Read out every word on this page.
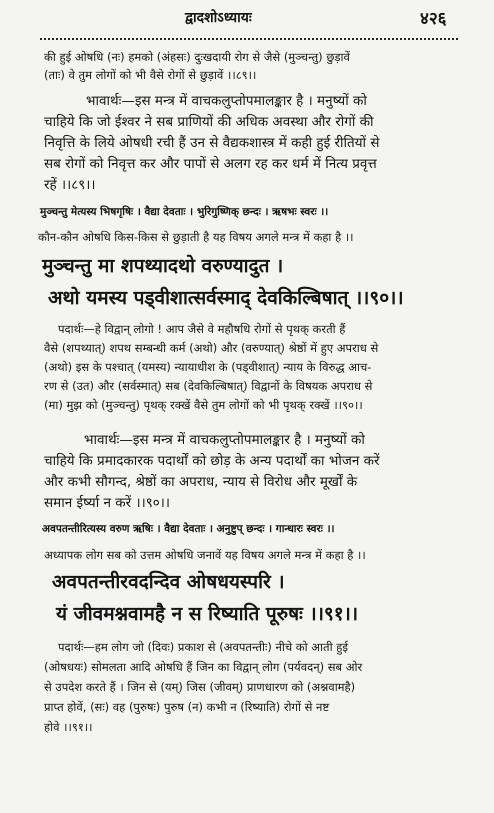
द्वादशोऽध्यायः	४२६
की हुई ओषधि (नः) हमको (अंहसः) दुःखदायी रोग से जैसे (मुञ्चन्तु) छुड़ावें
(ताः) वे तुम लोगों को भी वैसे रोगों से छुड़ावें ।।८९।।
भावार्थः—इस मन्त्र में वाचकलुप्तोपमालङ्कार है । मनुष्यों को
चाहिये कि जो ईश्वर ने सब प्राणियों की अधिक अवस्था और रोगों की
निवृत्ति के लिये ओषधी रची हैं उन से वैद्यकशास्त्र में कही हुई रीतियों से
सब रोगों को निवृत्त कर और पापों से अलग रह कर धर्म में नित्य प्रवृत्त
रहें ।।८९।।
मुञ्चन्तु मेत्यस्य भिषगृषिः । वैद्या देवताः । भुरिगुष्णिक् छन्दः । ऋषभः स्वरः ।।
कौन-कौन ओषधि किस-किस से छुड़ाती है यह विषय अगले मन्त्र में कहा है ।।
मुञ्चन्तु मा शपथ्यादथो वरुण्यादुत ।
अथो यमस्य पड्वीशात्सर्वस्माद् देवकिल्बिषात् ।।९०।।
पदार्थः—हे विद्वान् लोगो ! आप जैसे वे महौषधि रोगों से पृथक् करती हैं
वैसे (शपथ्यात्) शपथ सम्बन्धी कर्म (अथो) और (वरुण्यात्) श्रेष्ठों में हुए अपराध से
(अथो) इस के पश्चात् (यमस्य) न्यायाधीश के (पड्वीशात्) न्याय के विरुद्ध आच-
रण से (उत) और (सर्वस्मात्) सब (देवकिल्बिषात्) विद्वानों के विषयक अपराध से
(मा) मुझ को (मुञ्चन्तु) पृथक् रक्खें वैसे तुम लोगों को भी पृथक् रक्खें ।।९०।।
भावार्थः—इस मन्त्र में वाचकलुप्तोपमालङ्कार है । मनुष्यों को
चाहिये कि प्रमादकारक पदार्थों को छोड़ के अन्य पदार्थों का भोजन करें
और कभी सौगन्द, श्रेष्ठों का अपराध, न्याय से विरोध और मूर्खों के
समान ईर्ष्या न करें ।।९०।।
अवपतन्तीरित्यस्य वरुण ऋषिः । वैद्या देवताः । अनुष्टुप् छन्दः । गान्धारः स्वरः ।।
अध्यापक लोग सब को उत्तम ओषधि जनावें यह विषय अगले मन्त्र में कहा है ।।
अवपतन्तीरवदन्दिव ओषधयस्परि ।
यं जीवमश्नवामहै न स रिष्याति पूरुषः ।।९१।।
पदार्थः—हम लोग जो (दिवः) प्रकाश से (अवपतन्तीः) नीचे को आती हुई
(ओषधयः) सोमलता आदि ओषधि हैं जिन का विद्वान् लोग (पर्यवदन्) सब ओर
से उपदेश करते हैं । जिन से (यम्) जिस (जीवम्) प्राणधारण को (अश्नवामहै)
प्राप्त होवें, (सः) वह (पुरुषः) पुरुष (न) कभी न (रिष्याति) रोगों से नष्ट
होवे ।।९१।।
